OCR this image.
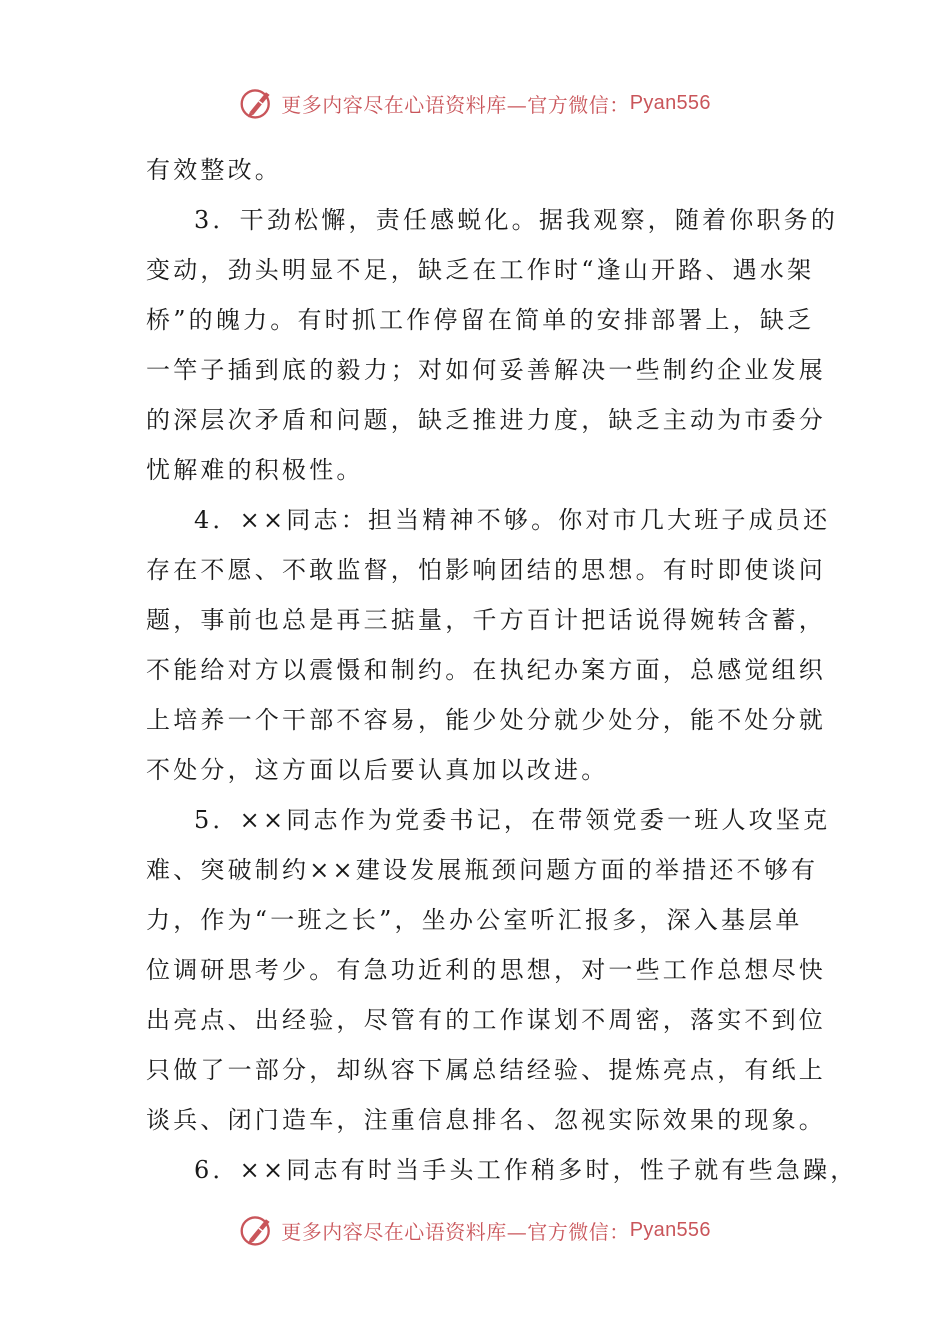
更多内容尽在心语资料库—官方微信： Pyan556
有效整改。
3．干劲松懈，责任感蜕化。据我观察，随着你职务的
变动，劲头明显不足，缺乏在工作时“逢山开路、遇水架
桥”的魄力。有时抓工作停留在简单的安排部署上，缺乏
一竿子插到底的毅力；对如何妥善解决一些制约企业发展
的深层次矛盾和问题，缺乏推进力度，缺乏主动为市委分
忧解难的积极性。
4．××同志：担当精神不够。你对市几大班子成员还
存在不愿、不敢监督，怕影响团结的思想。有时即使谈问
题，事前也总是再三掂量，千方百计把话说得婉转含蓄，
不能给对方以震慑和制约。在执纪办案方面，总感觉组织
上培养一个干部不容易，能少处分就少处分，能不处分就
不处分，这方面以后要认真加以改进。
5．××同志作为党委书记，在带领党委一班人攻坚克
难、突破制约××建设发展瓶颈问题方面的举措还不够有
力，作为“一班之长”，坐办公室听汇报多，深入基层单
位调研思考少。有急功近利的思想，对一些工作总想尽快
出亮点、出经验，尽管有的工作谋划不周密，落实不到位
只做了一部分，却纵容下属总结经验、提炼亮点，有纸上
谈兵、闭门造车，注重信息排名、忽视实际效果的现象。
6．××同志有时当手头工作稍多时，性子就有些急躁，
更多内容尽在心语资料库—官方微信： Pyan556
